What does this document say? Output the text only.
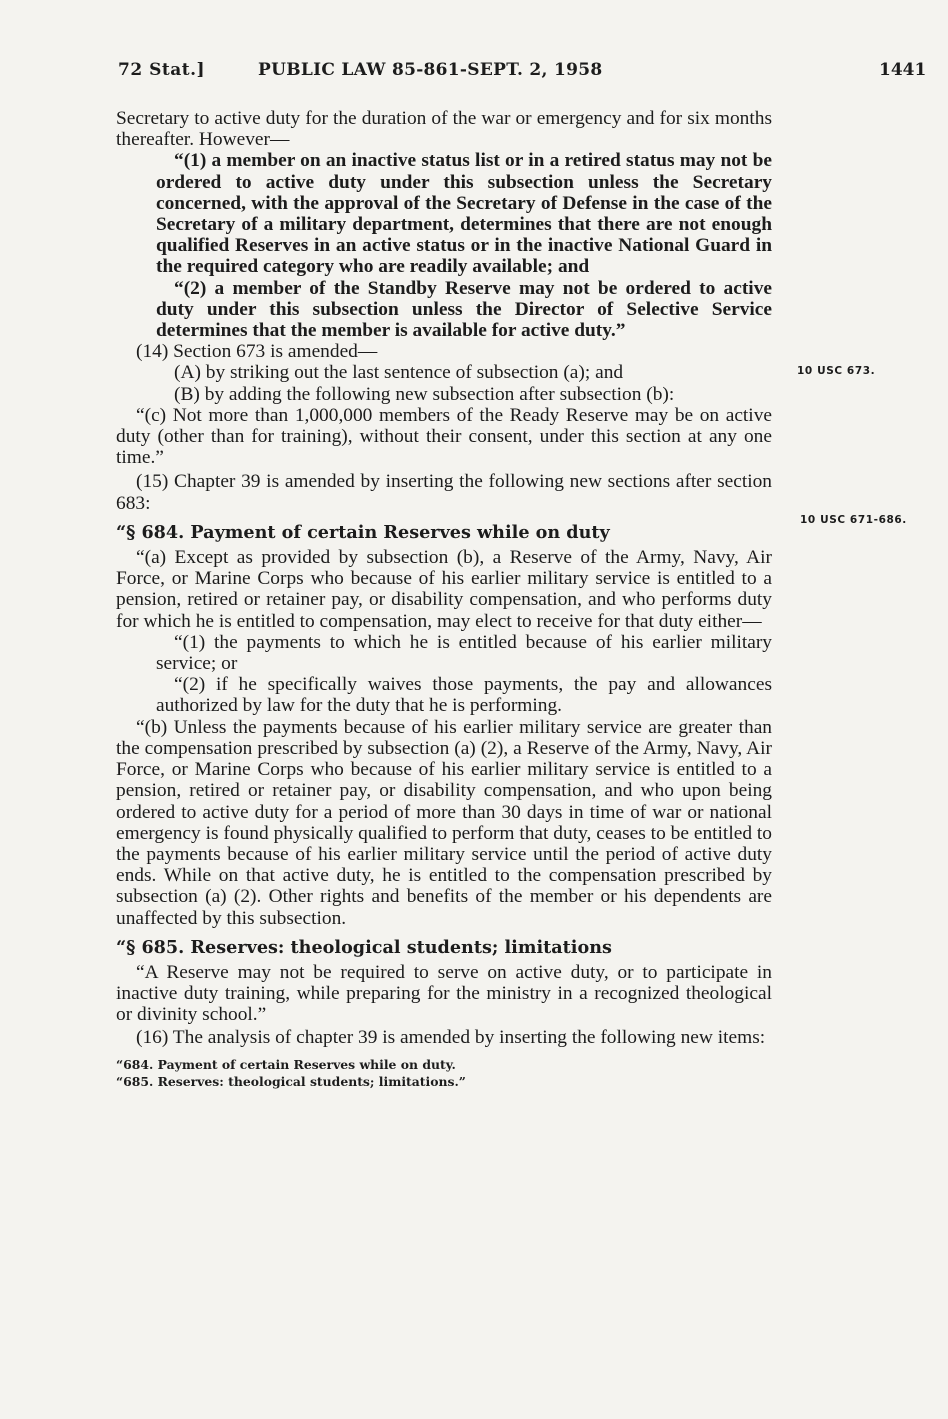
72 Stat.]	PUBLIC LAW 85-861-SEPT. 2, 1958	1441

Secretary to active duty for the duration of the war or emergency and for six months thereafter. However—

“(1) a member on an inactive status list or in a retired status may not be ordered to active duty under this subsection unless the Secretary concerned, with the approval of the Secretary of Defense in the case of the Secretary of a military department, determines that there are not enough qualified Reserves in an active status or in the inactive National Guard in the required category who are readily available; and

“(2) a member of the Standby Reserve may not be ordered to active duty under this subsection unless the Director of Selective Service determines that the member is available for active duty.”

(14) Section 673 is amended—

(A) by striking out the last sentence of subsection (a); and

(B) by adding the following new subsection after subsection (b):

“(c) Not more than 1,000,000 members of the Ready Reserve may be on active duty (other than for training), without their consent, under this section at any one time.”

(15) Chapter 39 is amended by inserting the following new sections after section 683:

“§ 684. Payment of certain Reserves while on duty

“(a) Except as provided by subsection (b), a Reserve of the Army, Navy, Air Force, or Marine Corps who because of his earlier military service is entitled to a pension, retired or retainer pay, or disability compensation, and who performs duty for which he is entitled to compensation, may elect to receive for that duty either—

“(1) the payments to which he is entitled because of his earlier military service; or

“(2) if he specifically waives those payments, the pay and allowances authorized by law for the duty that he is performing.

“(b) Unless the payments because of his earlier military service are greater than the compensation prescribed by subsection (a) (2), a Reserve of the Army, Navy, Air Force, or Marine Corps who because of his earlier military service is entitled to a pension, retired or retainer pay, or disability compensation, and who upon being ordered to active duty for a period of more than 30 days in time of war or national emergency is found physically qualified to perform that duty, ceases to be entitled to the payments because of his earlier military service until the period of active duty ends. While on that active duty, he is entitled to the compensation prescribed by subsection (a) (2). Other rights and benefits of the member or his dependents are unaffected by this subsection.

“§ 685. Reserves: theological students; limitations

“A Reserve may not be required to serve on active duty, or to participate in inactive duty training, while preparing for the ministry in a recognized theological or divinity school.”

(16) The analysis of chapter 39 is amended by inserting the following new items:

“684. Payment of certain Reserves while on duty.
“685. Reserves: theological students; limitations.”
10 USC 673.
10 USC 671-686.
